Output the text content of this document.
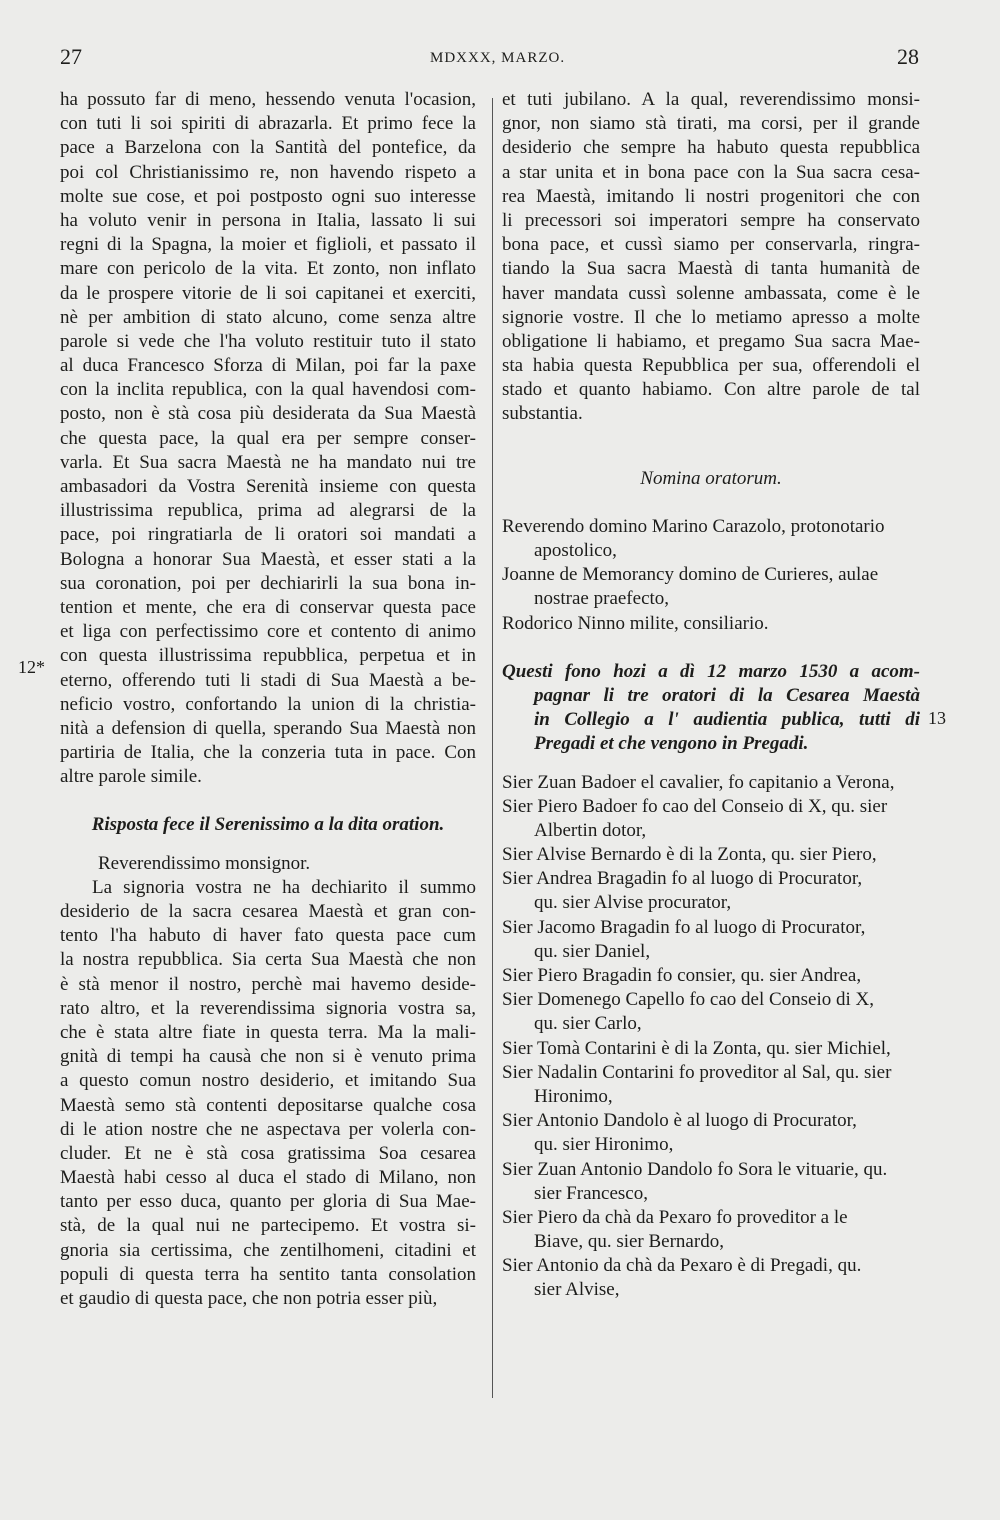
27	MDXXX, MARZO.	28
12*
13
ha possuto far di meno, hessendo venuta l'ocasion,
con tuti li soi spiriti di abrazarla. Et primo fece la
pace a Barzelona con la Santità del pontefice, da
poi col Christianissimo re, non havendo rispeto a
molte sue cose, et poi postposto ogni suo interesse
ha voluto venir in persona in Italia, lassato li sui
regni di la Spagna, la moier et figlioli, et passato il
mare con pericolo de la vita. Et zonto, non inflato
da le prospere vitorie de li soi capitanei et exerciti,
nè per ambition di stato alcuno, come senza altre
parole si vede che l'ha voluto restituir tuto il stato
al duca Francesco Sforza di Milan, poi far la paxe
con la inclita republica, con la qual havendosi com-
posto, non è stà cosa più desiderata da Sua Maestà
che questa pace, la qual era per sempre conser-
varla. Et Sua sacra Maestà ne ha mandato nui tre
ambasadori da Vostra Serenità insieme con questa
illustrissima republica, prima ad alegrarsi de la
pace, poi ringratiarla de li oratori soi mandati a
Bologna a honorar Sua Maestà, et esser stati a la
sua coronation, poi per dechiarirli la sua bona in-
tention et mente, che era di conservar questa pace
et liga con perfectissimo core et contento di animo
con questa illustrissima repubblica, perpetua et in
eterno, offerendo tuti li stadi di Sua Maestà a be-
neficio vostro, confortando la union di la christia-
nità a defension di quella, sperando Sua Maestà non
partiria de Italia, che la conzeria tuta in pace. Con
altre parole simile.
Risposta fece il Serenissimo a la dita oration.
Reverendissimo monsignor.
La signoria vostra ne ha dechiarito il summo
desiderio de la sacra cesarea Maestà et gran con-
tento l'ha habuto di haver fato questa pace cum
la nostra repubblica. Sia certa Sua Maestà che non
è stà menor il nostro, perchè mai havemo deside-
rato altro, et la reverendissima signoria vostra sa,
che è stata altre fiate in questa terra. Ma la mali-
gnità di tempi ha causà che non si è venuto prima
a questo comun nostro desiderio, et imitando Sua
Maestà semo stà contenti depositarse qualche cosa
di le ation nostre che ne aspectava per volerla con-
cluder. Et ne è stà cosa gratissima Soa cesarea
Maestà habi cesso al duca el stado di Milano, non
tanto per esso duca, quanto per gloria di Sua Mae-
stà, de la qual nui ne partecipemo. Et vostra si-
gnoria sia certissima, che zentilhomeni, citadini et
populi di questa terra ha sentito tanta consolation
et gaudio di questa pace, che non potria esser più,
et tuti jubilano. A la qual, reverendissimo monsi-
gnor, non siamo stà tirati, ma corsi, per il grande
desiderio che sempre ha habuto questa repubblica
a star unita et in bona pace con la Sua sacra cesa-
rea Maestà, imitando li nostri progenitori che con
li precessori soi imperatori sempre ha conservato
bona pace, et cussì siamo per conservarla, ringra-
tiando la Sua sacra Maestà di tanta humanità de
haver mandata cussì solenne ambassata, come è le
signorie vostre. Il che lo metiamo apresso a molte
obligatione li habiamo, et pregamo Sua sacra Mae-
sta habia questa Repubblica per sua, offerendoli el
stado et quanto habiamo. Con altre parole de tal
substantia.
Nomina oratorum.
Reverendo domino Marino Carazolo, protonotario
apostolico,
Joanne de Memorancy domino de Curieres, aulae
nostrae praefecto,
Rodorico Ninno milite, consiliario.
Questi fono hozi a dì 12 marzo 1530 a acom-
pagnar li tre oratori di la Cesarea Maestà
in Collegio a l' audientia publica, tutti di
Pregadi et che vengono in Pregadi.
Sier Zuan Badoer el cavalier, fo capitanio a Verona,
Sier Piero Badoer fo cao del Conseio di X, qu. sier
Albertin dotor,
Sier Alvise Bernardo è di la Zonta, qu. sier Piero,
Sier Andrea Bragadin fo al luogo di Procurator,
qu. sier Alvise procurator,
Sier Jacomo Bragadin fo al luogo di Procurator,
qu. sier Daniel,
Sier Piero Bragadin fo consier, qu. sier Andrea,
Sier Domenego Capello fo cao del Conseio di X,
qu. sier Carlo,
Sier Tomà Contarini è di la Zonta, qu. sier Michiel,
Sier Nadalin Contarini fo proveditor al Sal, qu. sier
Hironimo,
Sier Antonio Dandolo è al luogo di Procurator,
qu. sier Hironimo,
Sier Zuan Antonio Dandolo fo Sora le vituarie, qu.
sier Francesco,
Sier Piero da chà da Pexaro fo proveditor a le
Biave, qu. sier Bernardo,
Sier Antonio da chà da Pexaro è di Pregadi, qu.
sier Alvise,
